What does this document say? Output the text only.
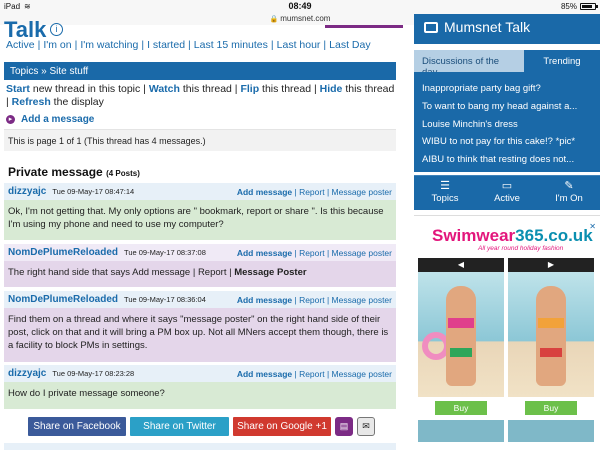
iPad ≋	08:49	85%
🔒 mumsnet.com
Talk	i
Active | I'm on | I'm watching | I started | Last 15 minutes | Last hour | Last Day
Topics » Site stuff
Start new thread in this topic | Watch this thread | Flip this thread | Hide this thread | Refresh the display
▸ Add a message
This is page 1 of 1 (This thread has 4 messages.)
Private message (4 Posts)
dizzyajc Tue 09-May-17 08:47:14	Add message | Report | Message poster
Ok, I'm not getting that. My only options are " bookmark, report or share ". Is this because I'm using my phone and need to use my computer?
NomDePlumeReloaded Tue 09-May-17 08:37:08	Add message | Report | Message poster
The right hand side that says Add message | Report | Message Poster
NomDePlumeReloaded Tue 09-May-17 08:36:04	Add message | Report | Message poster
Find them on a thread and where it says "message poster" on the right hand side of their post, click on that and it will bring a PM box up. Not all MNers accept them though, there is a facility to block PMs in settings.
dizzyajc Tue 09-May-17 08:23:28	Add message | Report | Message poster
How do I private message someone?
Share on Facebook	Share on Twitter	Share on Google +1	▤	✉
Mumsnet Talk
Discussions of the	Trending
Inappropriate party bag gift?
To want to bang my head against a...
Louise Minchin's dress
WIBU to not pay for this cake!? *pic*
AIBU to think that resting does not...
☰
Topics
▭
Active
✎
I'm On
Swimwear365.co.uk
All year round holiday fashion
✕
◀
Buy
▶
Buy
